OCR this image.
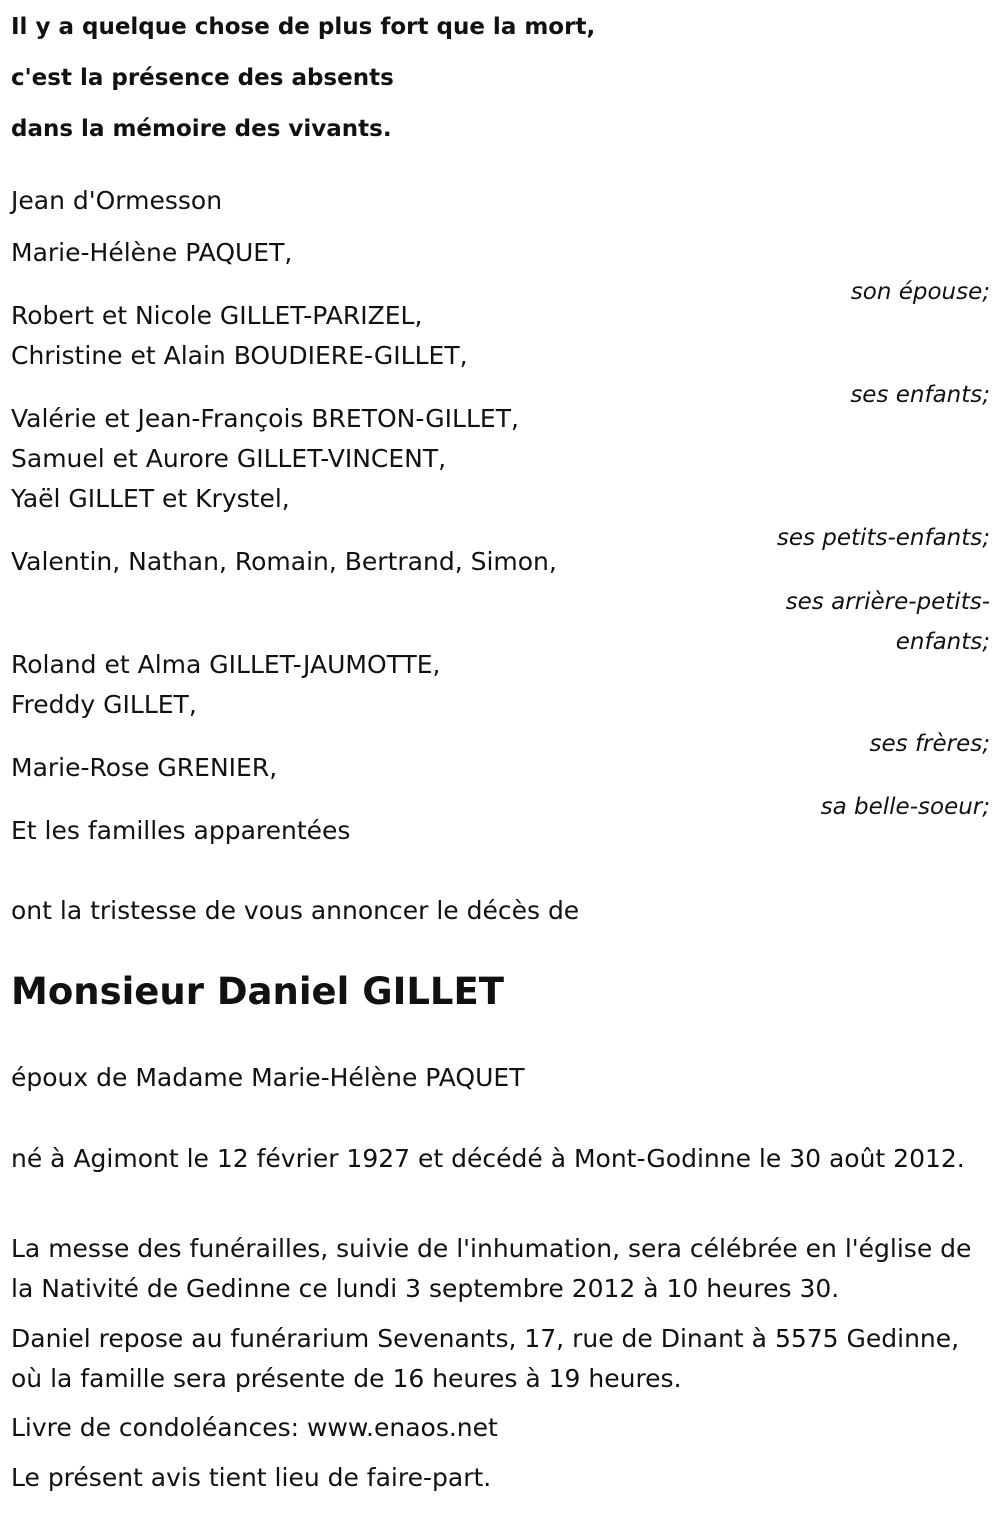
Il y a quelque chose de plus fort que la mort,
c'est la présence des absents
dans la mémoire des vivants.
Jean d'Ormesson
Marie-Hélène PAQUET,
son épouse;
Robert et Nicole GILLET-PARIZEL,
Christine et Alain BOUDIERE-GILLET,
ses enfants;
Valérie et Jean-François BRETON-GILLET,
Samuel et Aurore GILLET-VINCENT,
Yaël GILLET et Krystel,
ses petits-enfants;
Valentin, Nathan, Romain, Bertrand, Simon,
ses arrière-petits-
enfants;
Roland et Alma GILLET-JAUMOTTE,
Freddy GILLET,
ses frères;
Marie-Rose GRENIER,
sa belle-soeur;
Et les familles apparentées
ont la tristesse de vous annoncer le décès de
Monsieur Daniel GILLET
époux de Madame Marie-Hélène PAQUET

né à Agimont le 12 février 1927 et décédé à Mont-Godinne le 30 août 2012.

La messe des funérailles, suivie de l'inhumation, sera célébrée en l'église de la Nativité de Gedinne ce lundi 3 septembre 2012 à 10 heures 30.

Daniel repose au funérarium Sevenants, 17, rue de Dinant à 5575 Gedinne, où la famille sera présente de 16 heures à 19 heures.

Livre de condoléances: www.enaos.net

Le présent avis tient lieu de faire-part.
